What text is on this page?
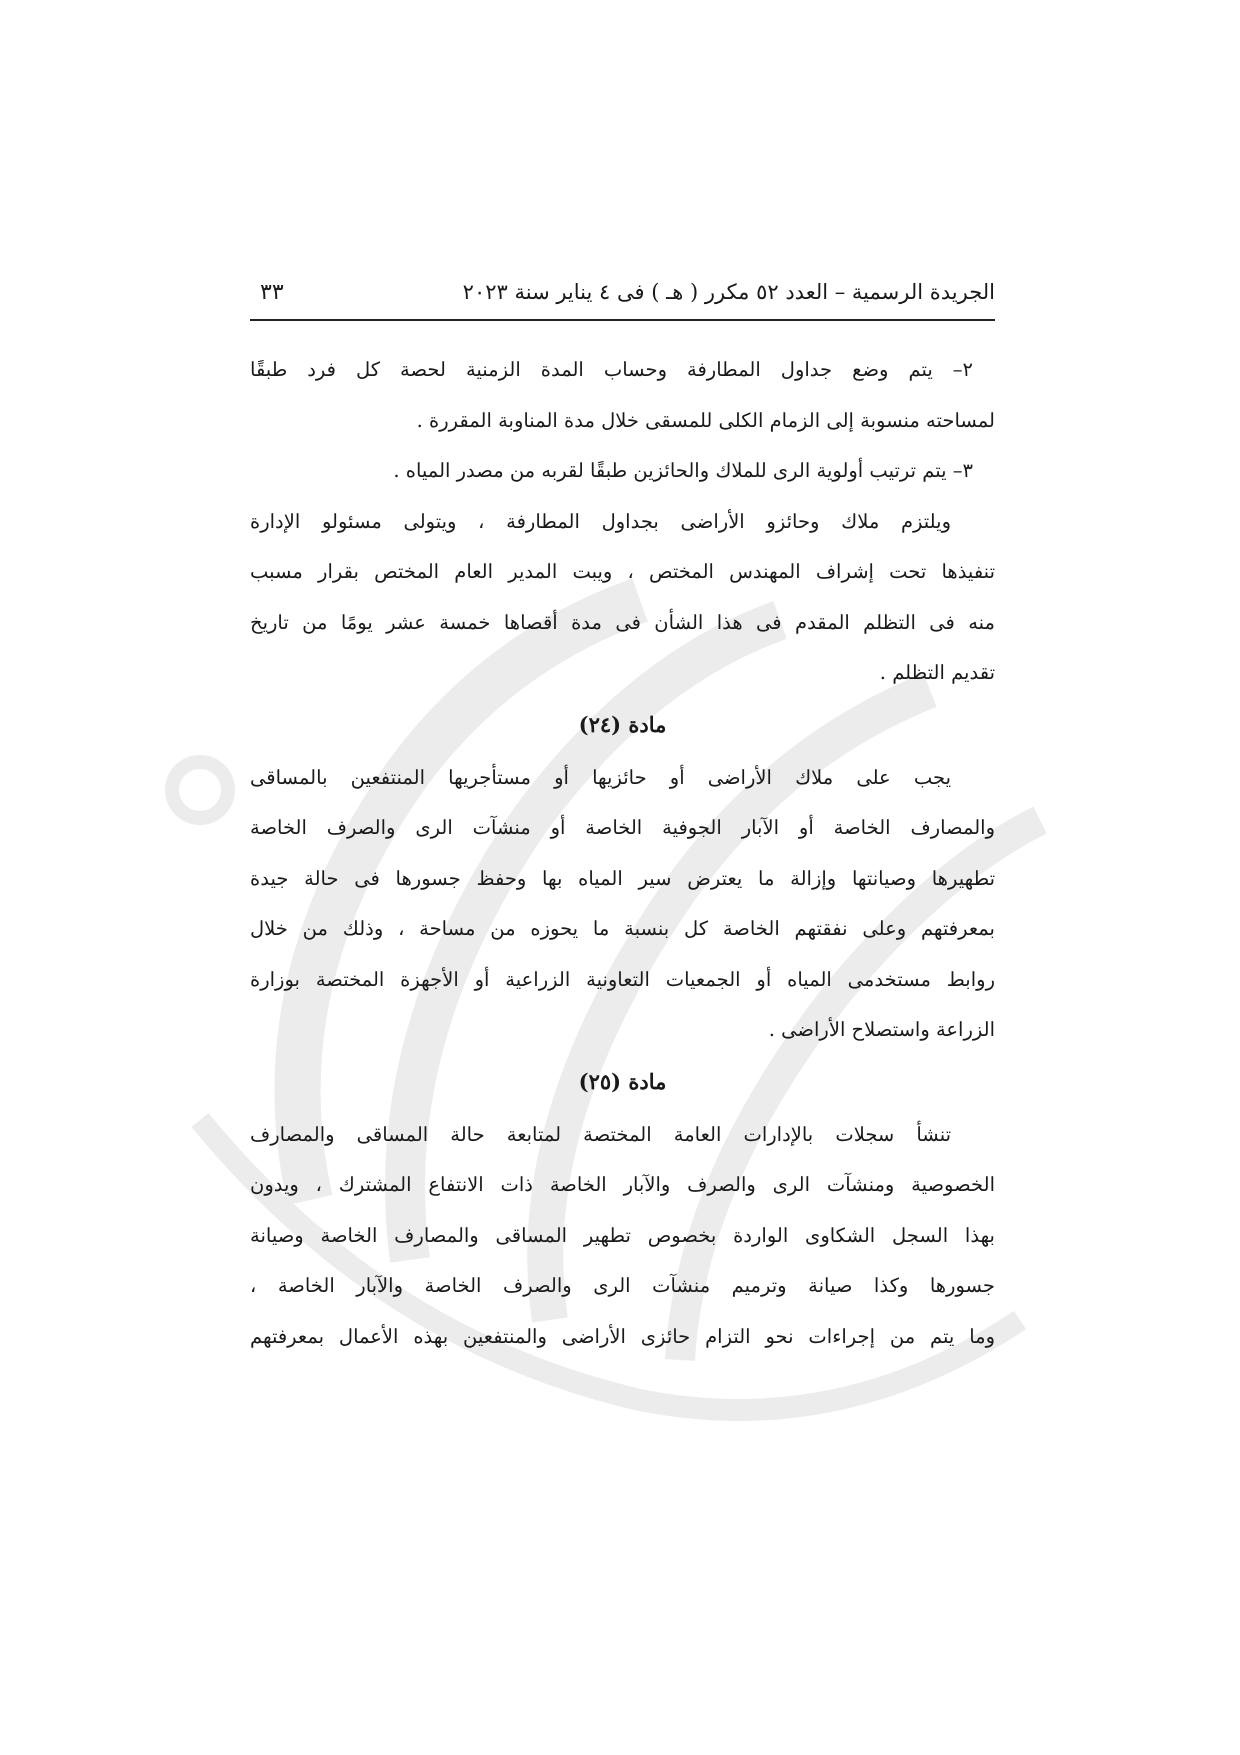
الجريدة الرسمية – العدد ٥٢ مكرر ( هـ ) فى ٤ يناير سنة ٢٠٢٣
٣٣
٢– يتم وضع جداول المطارفة وحساب المدة الزمنية لحصة كل فرد طبقًا
لمساحته منسوبة إلى الزمام الكلى للمسقى خلال مدة المناوبة المقررة .
٣– يتم ترتيب أولوية الرى للملاك والحائزين طبقًا لقربه من مصدر المياه .
ويلتزم ملاك وحائزو الأراضى بجداول المطارفة ، ويتولى مسئولو الإدارة
تنفيذها تحت إشراف المهندس المختص ، ويبت المدير العام المختص بقرار مسبب
منه فى التظلم المقدم فى هذا الشأن فى مدة أقصاها خمسة عشر يومًا من تاريخ
تقديم التظلم .
مادة (٢٤)
يجب على ملاك الأراضى أو حائزيها أو مستأجريها المنتفعين بالمساقى
والمصارف الخاصة أو الآبار الجوفية الخاصة أو منشآت الرى والصرف الخاصة
تطهيرها وصيانتها وإزالة ما يعترض سير المياه بها وحفظ جسورها فى حالة جيدة
بمعرفتهم وعلى نفقتهم الخاصة كل بنسبة ما يحوزه من مساحة ، وذلك من خلال
روابط مستخدمى المياه أو الجمعيات التعاونية الزراعية أو الأجهزة المختصة بوزارة
الزراعة واستصلاح الأراضى .
مادة (٢٥)
تنشأ سجلات بالإدارات العامة المختصة لمتابعة حالة المساقى والمصارف
الخصوصية ومنشآت الرى والصرف والآبار الخاصة ذات الانتفاع المشترك ، ويدون
بهذا السجل الشكاوى الواردة بخصوص تطهير المساقى والمصارف الخاصة وصيانة
جسورها وكذا صيانة وترميم منشآت الرى والصرف الخاصة والآبار الخاصة ،
وما يتم من إجراءات نحو التزام حائزى الأراضى والمنتفعين بهذه الأعمال بمعرفتهم
